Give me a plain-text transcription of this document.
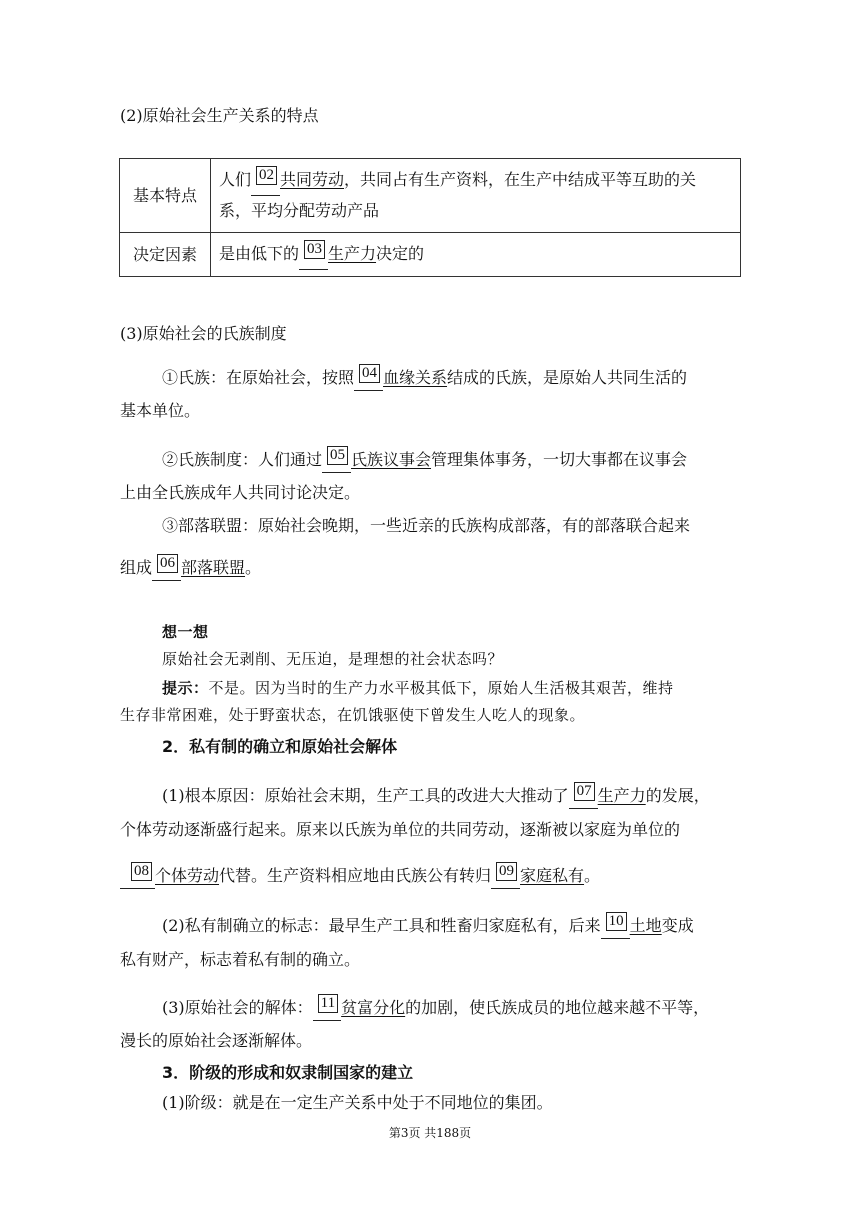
(2)原始社会生产关系的特点
基本特点	人们 02 共同劳动，共同占有生产资料，在生产中结成平等互助的关
系，平均分配劳动产品

决定因素	是由低下的 03 生产力决定的
(3)原始社会的氏族制度
①氏族：在原始社会，按照 04 血缘关系结成的氏族，是原始人共同生活的
基本单位。
②氏族制度：人们通过 05 氏族议事会管理集体事务，一切大事都在议事会
上由全氏族成年人共同讨论决定。
③部落联盟：原始社会晚期，一些近亲的氏族构成部落，有的部落联合起来
组成 06 部落联盟。
想一想
原始社会无剥削、无压迫，是理想的社会状态吗？
提示：不是。因为当时的生产力水平极其低下，原始人生活极其艰苦，维持
生存非常困难，处于野蛮状态，在饥饿驱使下曾发生人吃人的现象。
2．私有制的确立和原始社会解体
(1)根本原因：原始社会末期，生产工具的改进大大推动了 07 生产力的发展，
个体劳动逐渐盛行起来。原来以氏族为单位的共同劳动，逐渐被以家庭为单位的
08 个体劳动代替。生产资料相应地由氏族公有转归 09 家庭私有。
(2)私有制确立的标志：最早生产工具和牲畜归家庭私有，后来 10 土地变成
私有财产，标志着私有制的确立。
(3)原始社会的解体： 11 贫富分化的加剧，使氏族成员的地位越来越不平等，
漫长的原始社会逐渐解体。
3．阶级的形成和奴隶制国家的建立
(1)阶级：就是在一定生产关系中处于不同地位的集团。
第3页 共188页
